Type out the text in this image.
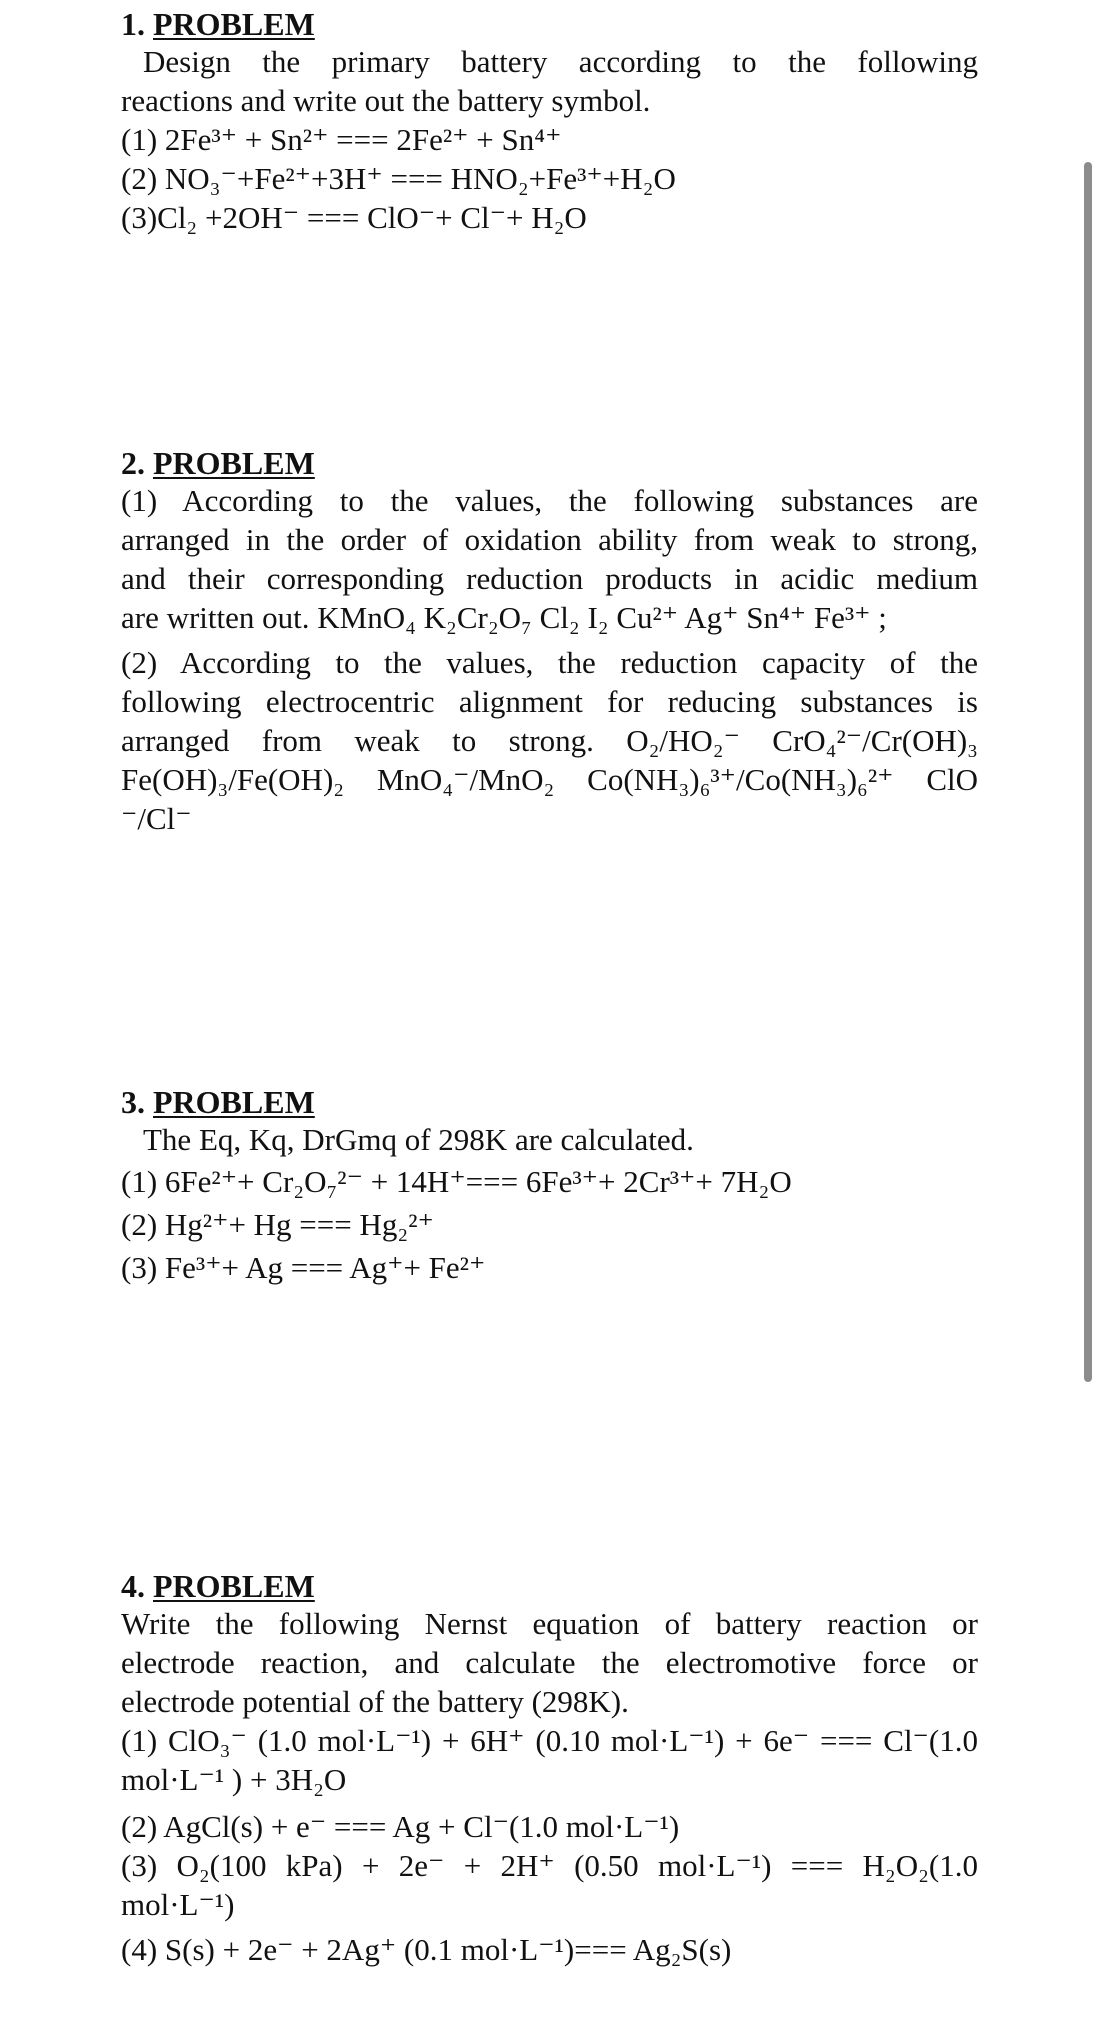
1. PROBLEM
Design the primary battery according to the following
reactions and write out the battery symbol.
(1) 2Fe³⁺ + Sn²⁺ === 2Fe²⁺ + Sn⁴⁺
(2) NO₃⁻+Fe²⁺+3H⁺ === HNO₂+Fe³⁺+H₂O
(3)Cl₂ +2OH⁻ === ClO⁻+ Cl⁻+ H₂O
2. PROBLEM
(1) According to the values, the following substances are
arranged in the order of oxidation ability from weak to strong,
and their corresponding reduction products in acidic medium
are written out. KMnO₄ K₂Cr₂O₇ Cl₂ I₂ Cu²⁺ Ag⁺ Sn⁴⁺ Fe³⁺ ;
(2) According to the values, the reduction capacity of the
following electrocentric alignment for reducing substances is
arranged from weak to strong. O₂/HO₂⁻ CrO₄²⁻/Cr(OH)₃
Fe(OH)₃/Fe(OH)₂ MnO₄⁻/MnO₂ Co(NH₃)₆³⁺/Co(NH₃)₆²⁺ ClO
⁻/Cl⁻
3. PROBLEM
The Eq, Kq, DrGmq of 298K are calculated.
(1) 6Fe²⁺+ Cr₂O₇²⁻ + 14H⁺=== 6Fe³⁺+ 2Cr³⁺+ 7H₂O
(2) Hg²⁺+ Hg === Hg₂²⁺
(3) Fe³⁺+ Ag === Ag⁺+ Fe²⁺
4. PROBLEM
Write the following Nernst equation of battery reaction or
electrode reaction, and calculate the electromotive force or
electrode potential of the battery (298K).
(1) ClO₃⁻ (1.0 mol·L⁻¹) + 6H⁺ (0.10 mol·L⁻¹) + 6e⁻ === Cl⁻(1.0
mol·L⁻¹ ) + 3H₂O
(2) AgCl(s) + e⁻ === Ag + Cl⁻(1.0 mol·L⁻¹)
(3) O₂(100 kPa) + 2e⁻ + 2H⁺ (0.50 mol·L⁻¹) === H₂O₂(1.0
mol·L⁻¹)
(4) S(s) + 2e⁻ + 2Ag⁺ (0.1 mol·L⁻¹)=== Ag₂S(s)
